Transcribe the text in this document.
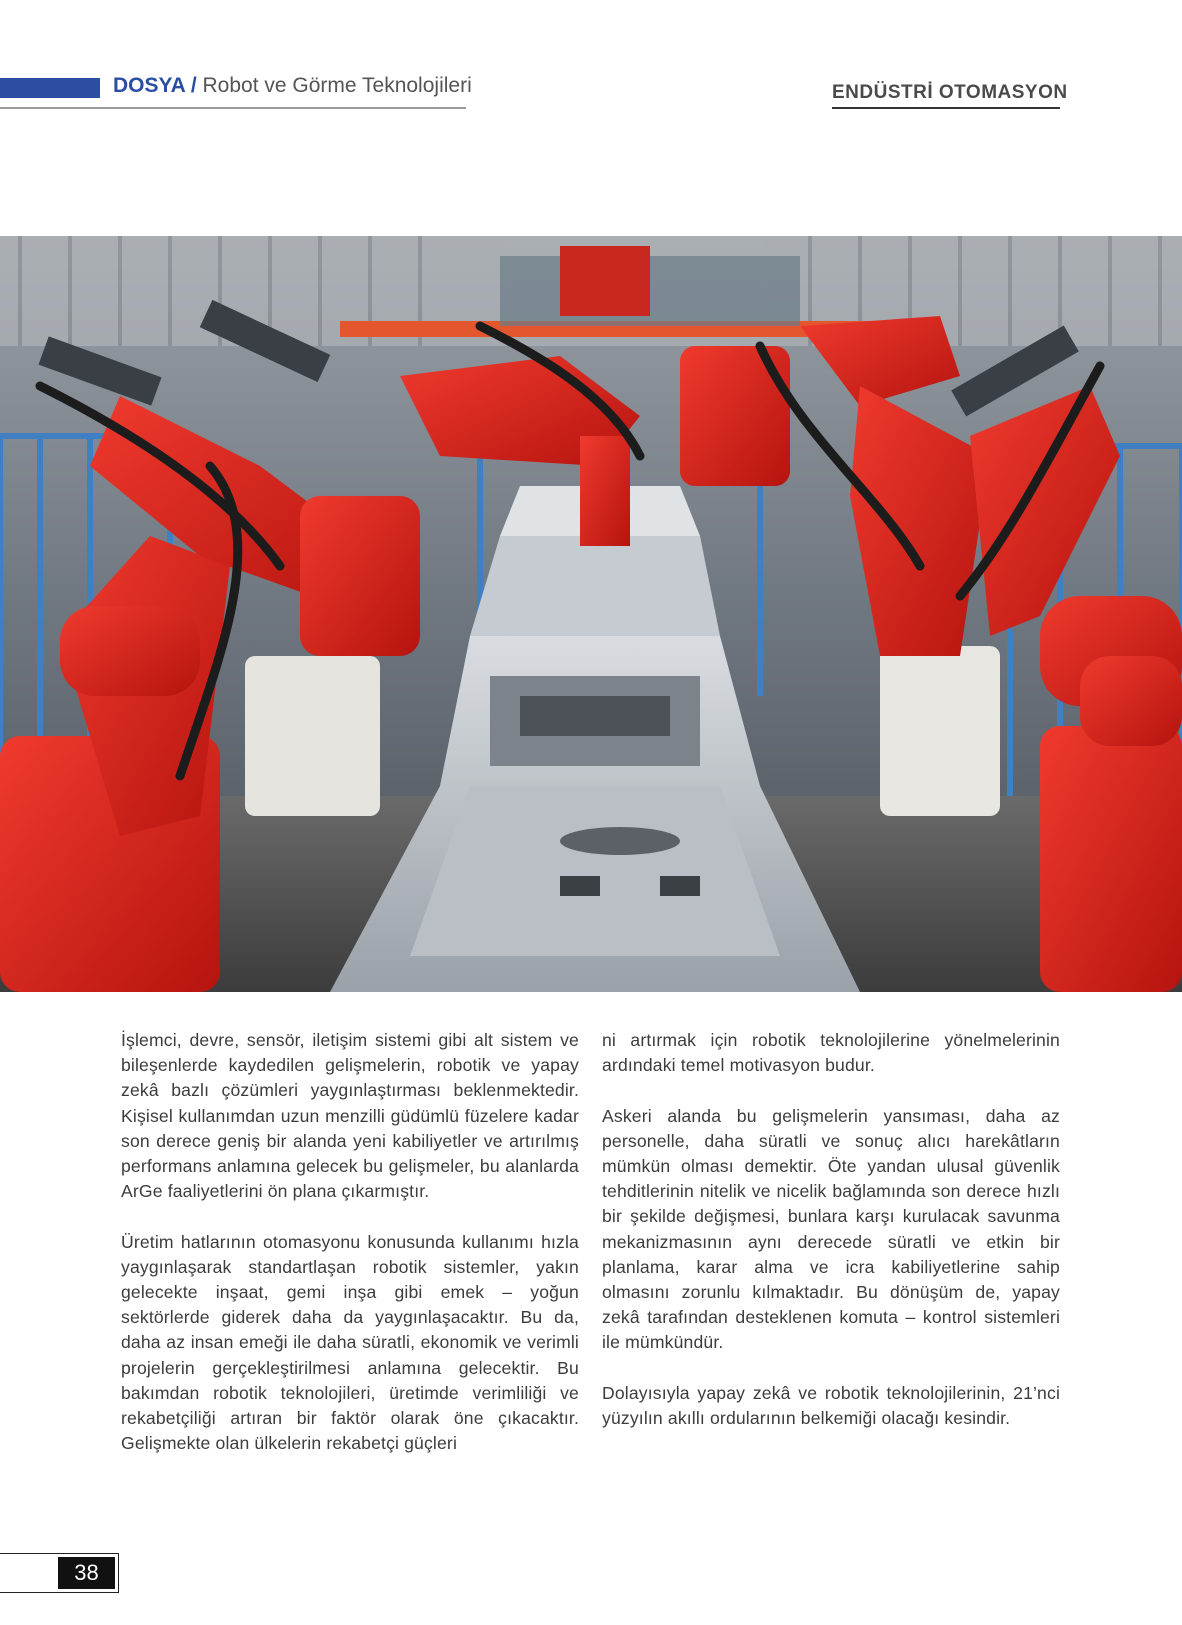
DOSYA / Robot ve Görme Teknolojileri	ENDÜSTRİ OTOMASYON

İşlemci, devre, sensör, iletişim sistemi gibi alt sistem ve bileşenlerde kaydedilen gelişmelerin, robotik ve yapay zekâ bazlı çözümleri yaygınlaştırması beklenmektedir. Kişisel kullanımdan uzun menzilli güdümlü füzelere kadar son derece geniş bir alanda yeni kabiliyetler ve artırılmış performans anlamına gelecek bu gelişmeler, bu alanlarda ArGe faaliyetlerini ön plana çıkarmıştır.

Üretim hatlarının otomasyonu konusunda kullanımı hızla yaygınlaşarak standartlaşan robotik sistemler, yakın gelecekte inşaat, gemi inşa gibi emek – yoğun sektörlerde giderek daha da yaygınlaşacaktır. Bu da, daha az insan emeği ile daha süratli, ekonomik ve verimli projelerin gerçekleştirilmesi anlamına gelecektir. Bu bakımdan robotik teknolojileri, üretimde verimliliği ve rekabetçiliği artıran bir faktör olarak öne çıkacaktır. Gelişmekte olan ülkelerin rekabetçi güçleri

ni artırmak için robotik teknolojilerine yönelmelerinin ardındaki temel motivasyon budur.

Askeri alanda bu gelişmelerin yansıması, daha az personelle, daha süratli ve sonuç alıcı harekâtların mümkün olması demektir. Öte yandan ulusal güvenlik tehditlerinin nitelik ve nicelik bağlamında son derece hızlı bir şekilde değişmesi, bunlara karşı kurulacak savunma mekanizmasının aynı derecede süratli ve etkin bir planlama, karar alma ve icra kabiliyetlerine sahip olmasını zorunlu kılmaktadır. Bu dönüşüm de, yapay zekâ tarafından desteklenen komuta – kontrol sistemleri ile mümkündür.

Dolayısıyla yapay zekâ ve robotik teknolojilerinin, 21’nci yüzyılın akıllı ordularının belkemiği olacağı kesindir.

38
